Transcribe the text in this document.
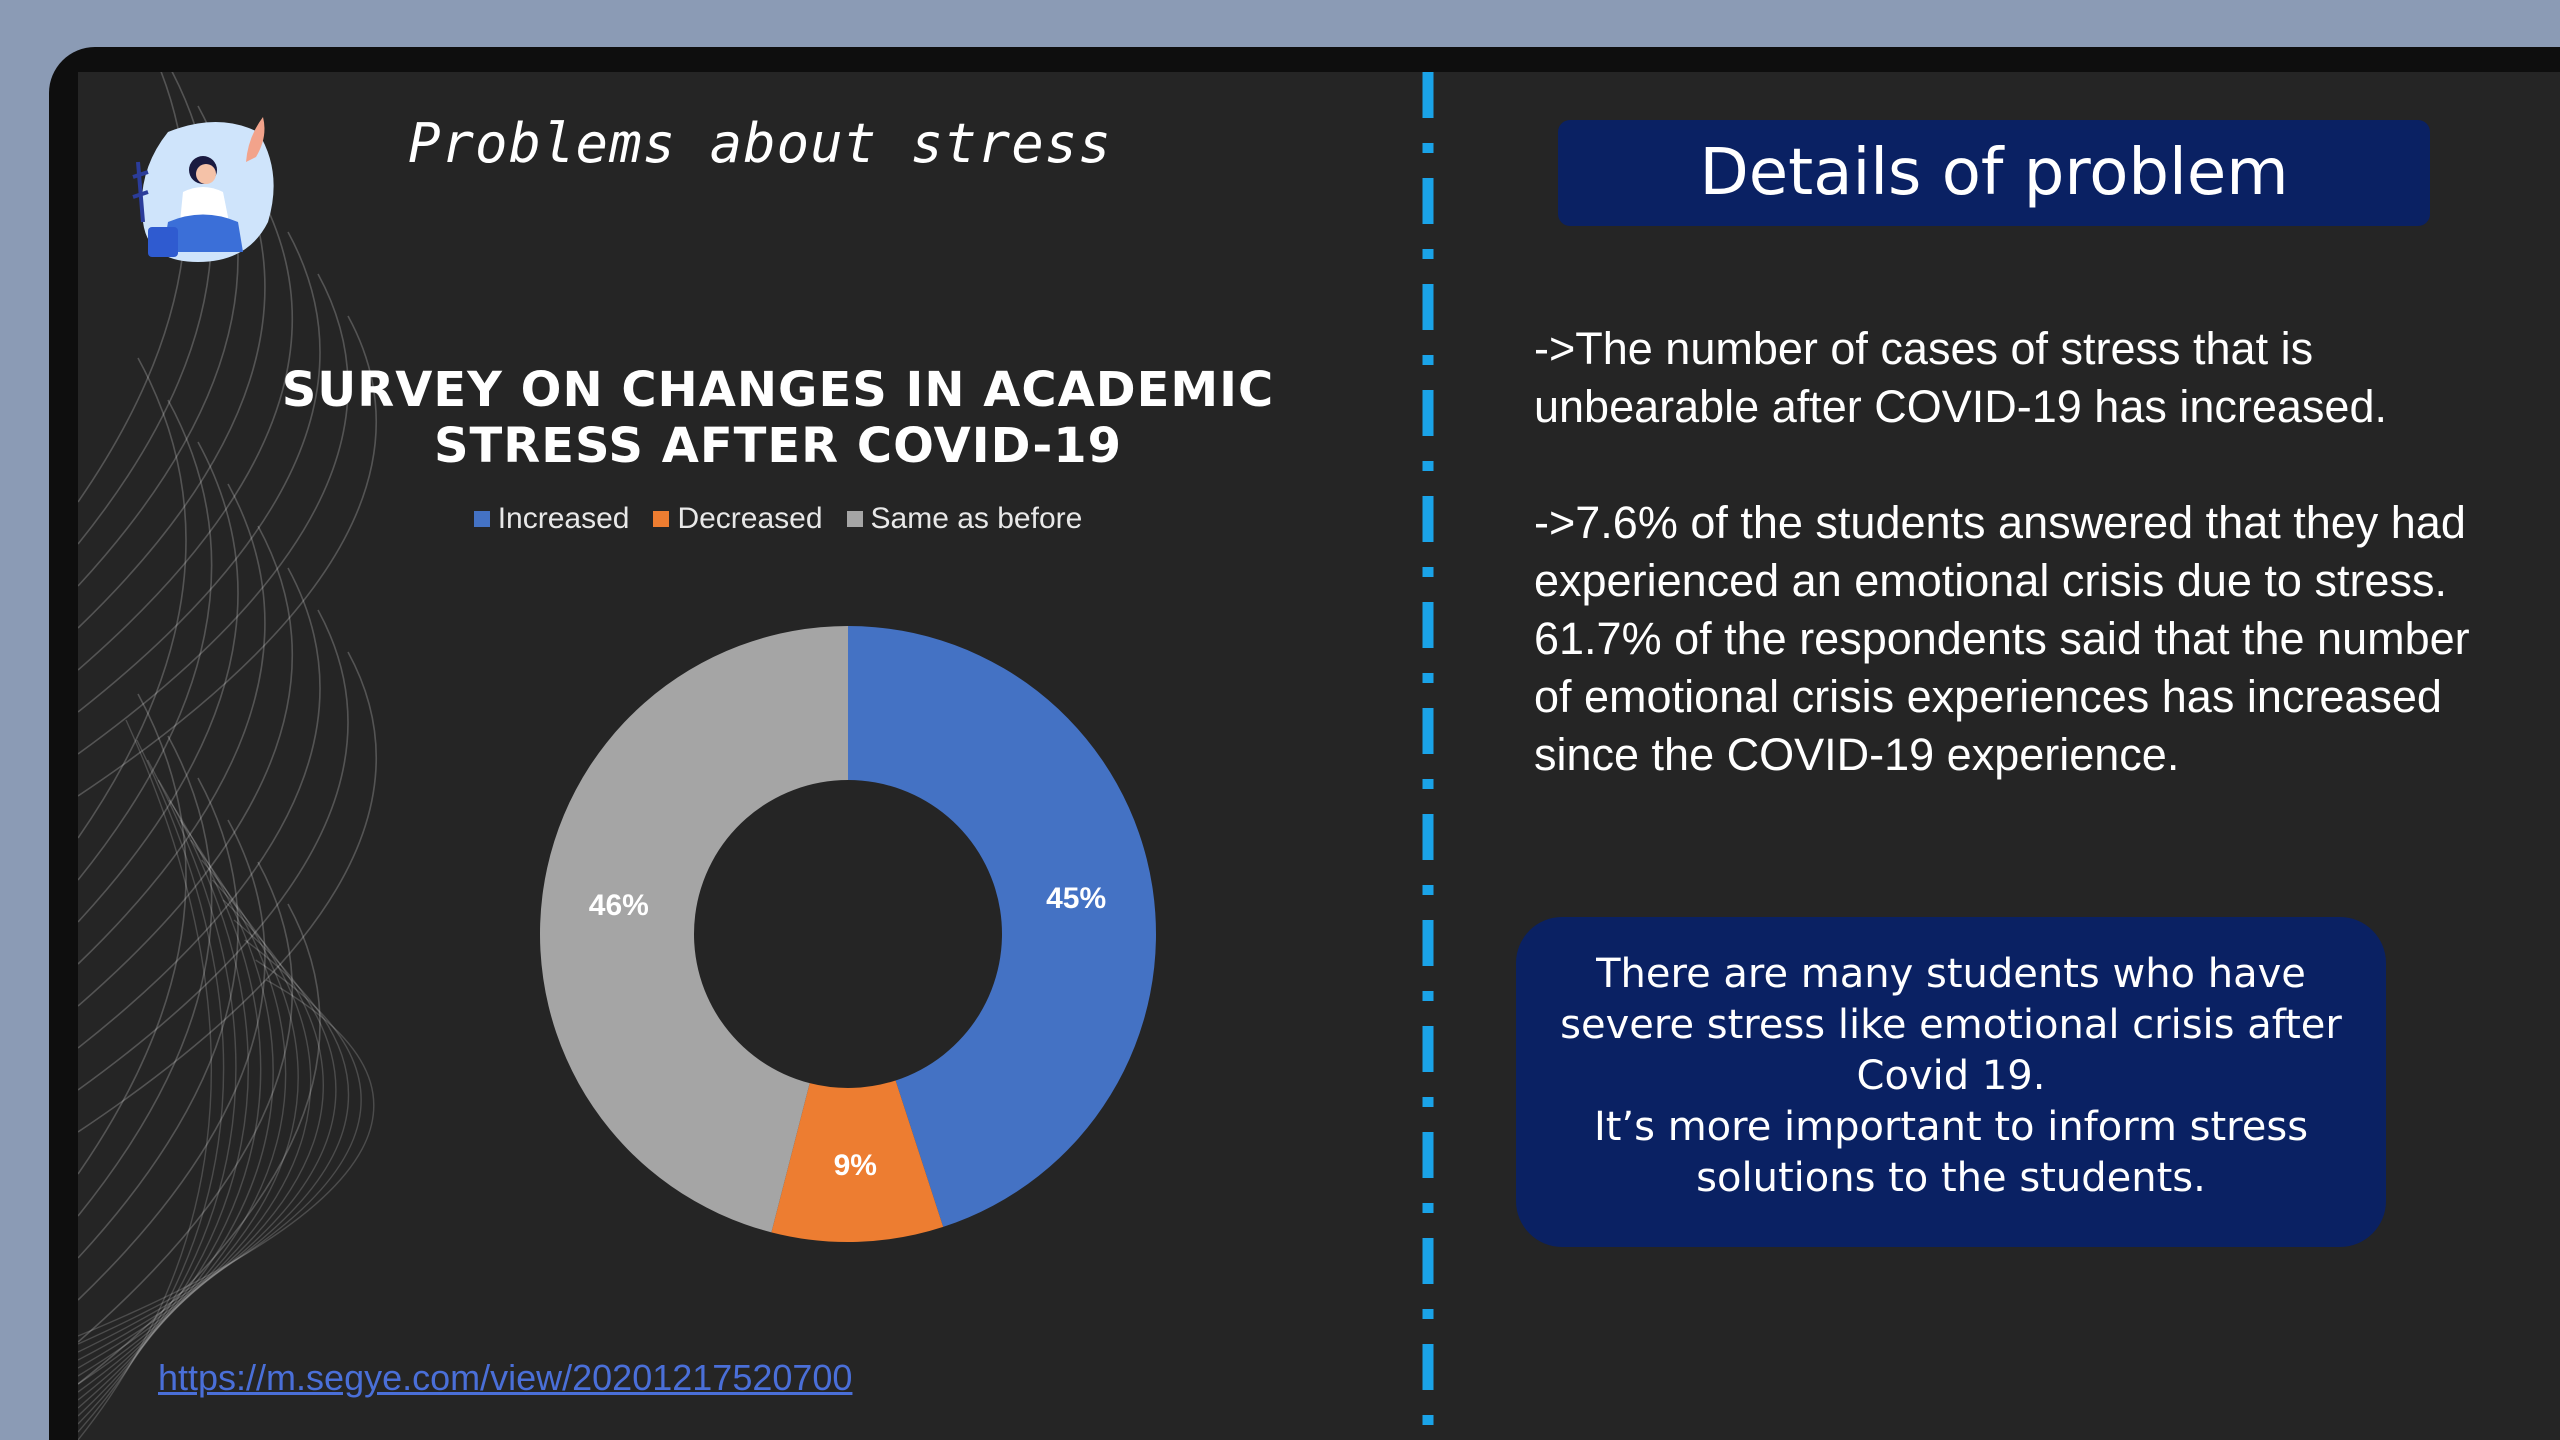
Problems about stress
SURVEY ON CHANGES IN ACADEMIC STRESS AFTER COVID-19
Increased Decreased Same as before
45%
9%
46%
https://m.segye.com/view/20201217520700
Details of problem

->The number of cases of stress that is unbearable after COVID-19 has increased.

->7.6% of the students answered that they had experienced an emotional crisis due to stress. 61.7% of the respondents said that the number of emotional crisis experiences has increased since the COVID-19 experience.

There are many students who have severe stress like emotional crisis after Covid 19.
It’s more important to inform stress solutions to the students.
